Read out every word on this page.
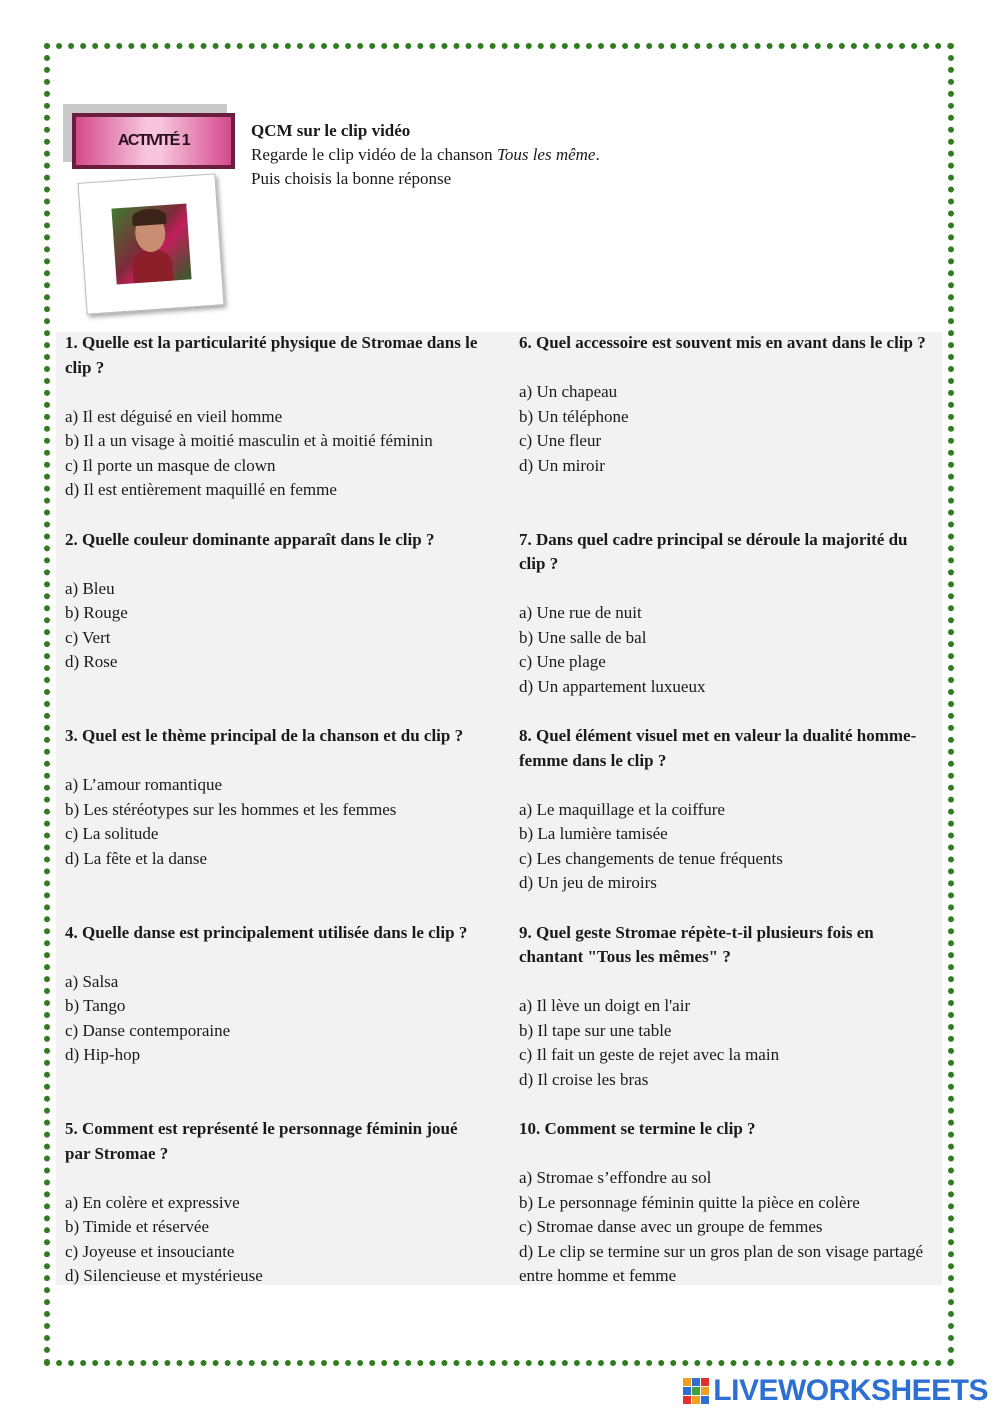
ACTIVITÉ 1
QCM sur le clip vidéo
Regarde le clip vidéo de la chanson Tous les même.
Puis choisis la bonne réponse
1. Quelle est la particularité physique de Stromae dans le clip ?
a) Il est déguisé en vieil homme
b) Il a un visage à moitié masculin et à moitié féminin
c) Il porte un masque de clown
d) Il est entièrement maquillé en femme
2. Quelle couleur dominante apparaît dans le clip ?
a) Bleu
b) Rouge
c) Vert
d) Rose
3. Quel est le thème principal de la chanson et du clip ?
a) L’amour romantique
b) Les stéréotypes sur les hommes et les femmes
c) La solitude
d) La fête et la danse
4. Quelle danse est principalement utilisée dans le clip ?
a) Salsa
b) Tango
c) Danse contemporaine
d) Hip-hop
5. Comment est représenté le personnage féminin joué par Stromae ?
a) En colère et expressive
b) Timide et réservée
c) Joyeuse et insouciante
d) Silencieuse et mystérieuse
6. Quel accessoire est souvent mis en avant dans le clip ?
a) Un chapeau
b) Un téléphone
c) Une fleur
d) Un miroir
7. Dans quel cadre principal se déroule la majorité du clip ?
a) Une rue de nuit
b) Une salle de bal
c) Une plage
d) Un appartement luxueux
8. Quel élément visuel met en valeur la dualité homme-femme dans le clip ?
a) Le maquillage et la coiffure
b) La lumière tamisée
c) Les changements de tenue fréquents
d) Un jeu de miroirs
9. Quel geste Stromae répète-t-il plusieurs fois en chantant "Tous les mêmes" ?
a) Il lève un doigt en l'air
b) Il tape sur une table
c) Il fait un geste de rejet avec la main
d) Il croise les bras
10. Comment se termine le clip ?
a) Stromae s’effondre au sol
b) Le personnage féminin quitte la pièce en colère
c) Stromae danse avec un groupe de femmes
d) Le clip se termine sur un gros plan de son visage partagé entre homme et femme
LIVEWORKSHEETS
